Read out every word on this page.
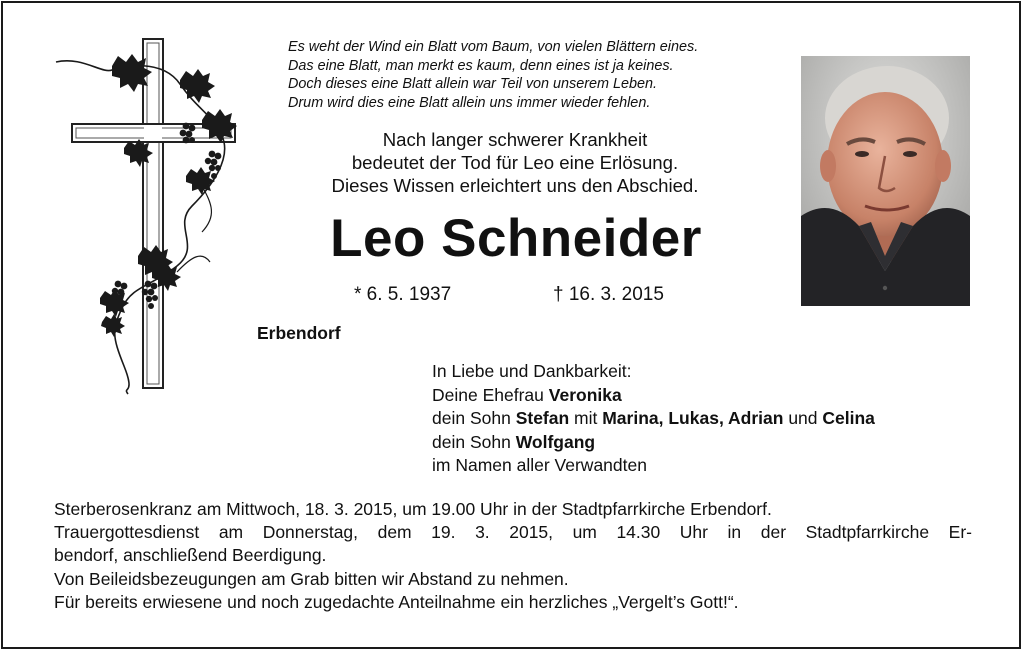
Es weht der Wind ein Blatt vom Baum, von vielen Blättern eines.
Das eine Blatt, man merkt es kaum, denn eines ist ja keines.
Doch dieses eine Blatt allein war Teil von unserem Leben.
Drum wird dies eine Blatt allein uns immer wieder fehlen.
Nach langer schwerer Krankheit
bedeutet der Tod für Leo eine Erlösung.
Dieses Wissen erleichtert uns den Abschied.
Leo Schneider
* 6. 5. 1937	† 16. 3. 2015
Erbendorf
In Liebe und Dankbarkeit:
Deine Ehefrau Veronika
dein Sohn Stefan mit Marina, Lukas, Adrian und Celina
dein Sohn Wolfgang
im Namen aller Verwandten
Sterberosenkranz am Mittwoch, 18. 3. 2015, um 19.00 Uhr in der Stadtpfarrkirche Erbendorf.
Trauergottesdienst am Donnerstag, dem 19. 3. 2015, um 14.30 Uhr in der Stadtpfarrkirche Er-
bendorf, anschließend Beerdigung.
Von Beileidsbezeugungen am Grab bitten wir Abstand zu nehmen.
Für bereits erwiesene und noch zugedachte Anteilnahme ein herzliches „Vergelt’s Gott!“.
